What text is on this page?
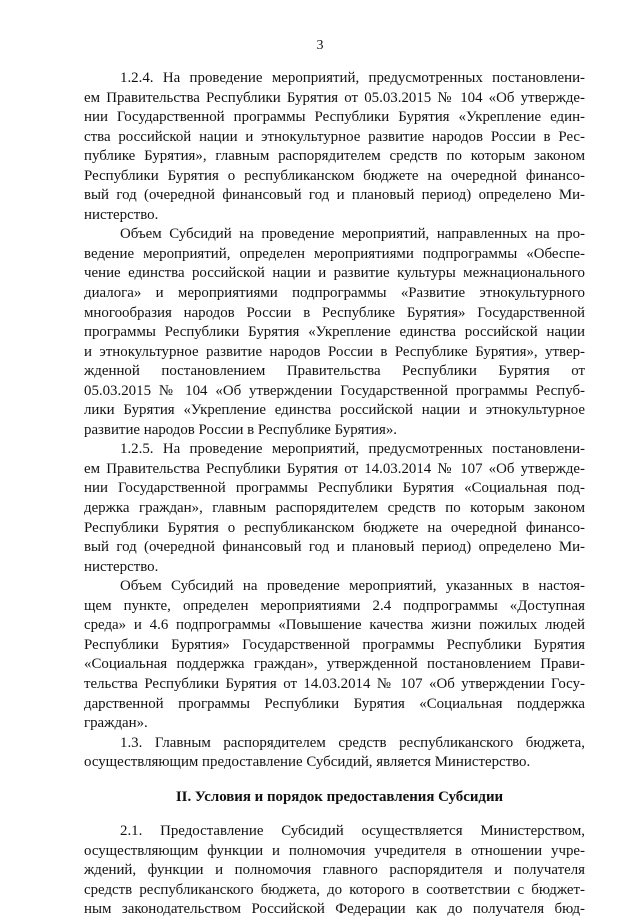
3
1.2.4. На проведение мероприятий, предусмотренных постановлени-
ем Правительства Республики Бурятия от 05.03.2015 № 104 «Об утвержде-
нии Государственной программы Республики Бурятия «Укрепление един-
ства российской нации и этнокультурное развитие народов России в Рес-
публике Бурятия», главным распорядителем средств по которым законом
Республики Бурятия о республиканском бюджете на очередной финансо-
вый год (очередной финансовый год и плановый период) определено Ми-
нистерство.
Объем Субсидий на проведение мероприятий, направленных на про-
ведение мероприятий, определен мероприятиями подпрограммы «Обеспе-
чение единства российской нации и развитие культуры межнационального
диалога» и мероприятиями подпрограммы «Развитие этнокультурного
многообразия народов России в Республике Бурятия» Государственной
программы Республики Бурятия «Укрепление единства российской нации
и этнокультурное развитие народов России в Республике Бурятия», утвер-
жденной постановлением Правительства Республики Бурятия от
05.03.2015 № 104 «Об утверждении Государственной программы Респуб-
лики Бурятия «Укрепление единства российской нации и этнокультурное
развитие народов России в Республике Бурятия».
1.2.5. На проведение мероприятий, предусмотренных постановлени-
ем Правительства Республики Бурятия от 14.03.2014 № 107 «Об утвержде-
нии Государственной программы Республики Бурятия «Социальная под-
держка граждан», главным распорядителем средств по которым законом
Республики Бурятия о республиканском бюджете на очередной финансо-
вый год (очередной финансовый год и плановый период) определено Ми-
нистерство.
Объем Субсидий на проведение мероприятий, указанных в настоя-
щем пункте, определен мероприятиями 2.4 подпрограммы «Доступная
среда» и 4.6 подпрограммы «Повышение качества жизни пожилых людей
Республики Бурятия» Государственной программы Республики Бурятия
«Социальная поддержка граждан», утвержденной постановлением Прави-
тельства Республики Бурятия от 14.03.2014 № 107 «Об утверждении Госу-
дарственной программы Республики Бурятия «Социальная поддержка
граждан».
1.3. Главным распорядителем средств республиканского бюджета,
осуществляющим предоставление Субсидий, является Министерство.
II. Условия и порядок предоставления Субсидии
2.1. Предоставление Субсидий осуществляется Министерством,
осуществляющим функции и полномочия учредителя в отношении учре-
ждений, функции и полномочия главного распорядителя и получателя
средств республиканского бюджета, до которого в соответствии с бюджет-
ным законодательством Российской Федерации как до получателя бюд-
